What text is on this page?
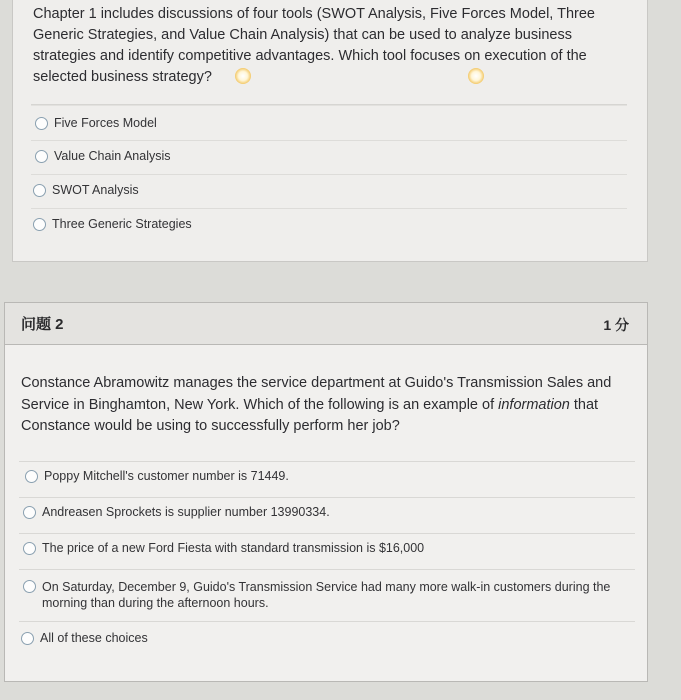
Chapter 1 includes discussions of four tools (SWOT Analysis, Five Forces Model, Three Generic Strategies, and Value Chain Analysis) that can be used to analyze business strategies and identify competitive advantages. Which tool focuses on execution of the selected business strategy?
Five Forces Model
Value Chain Analysis
SWOT Analysis
Three Generic Strategies
问题 2	1 分
Constance Abramowitz manages the service department at Guido's Transmission Sales and Service in Binghamton, New York. Which of the following is an example of information that Constance would be using to successfully perform her job?
Poppy Mitchell's customer number is 71449.
Andreasen Sprockets is supplier number 13990334.
The price of a new Ford Fiesta with standard transmission is $16,000
On Saturday, December 9, Guido's Transmission Service had many more walk-in customers during the morning than during the afternoon hours.
All of these choices
